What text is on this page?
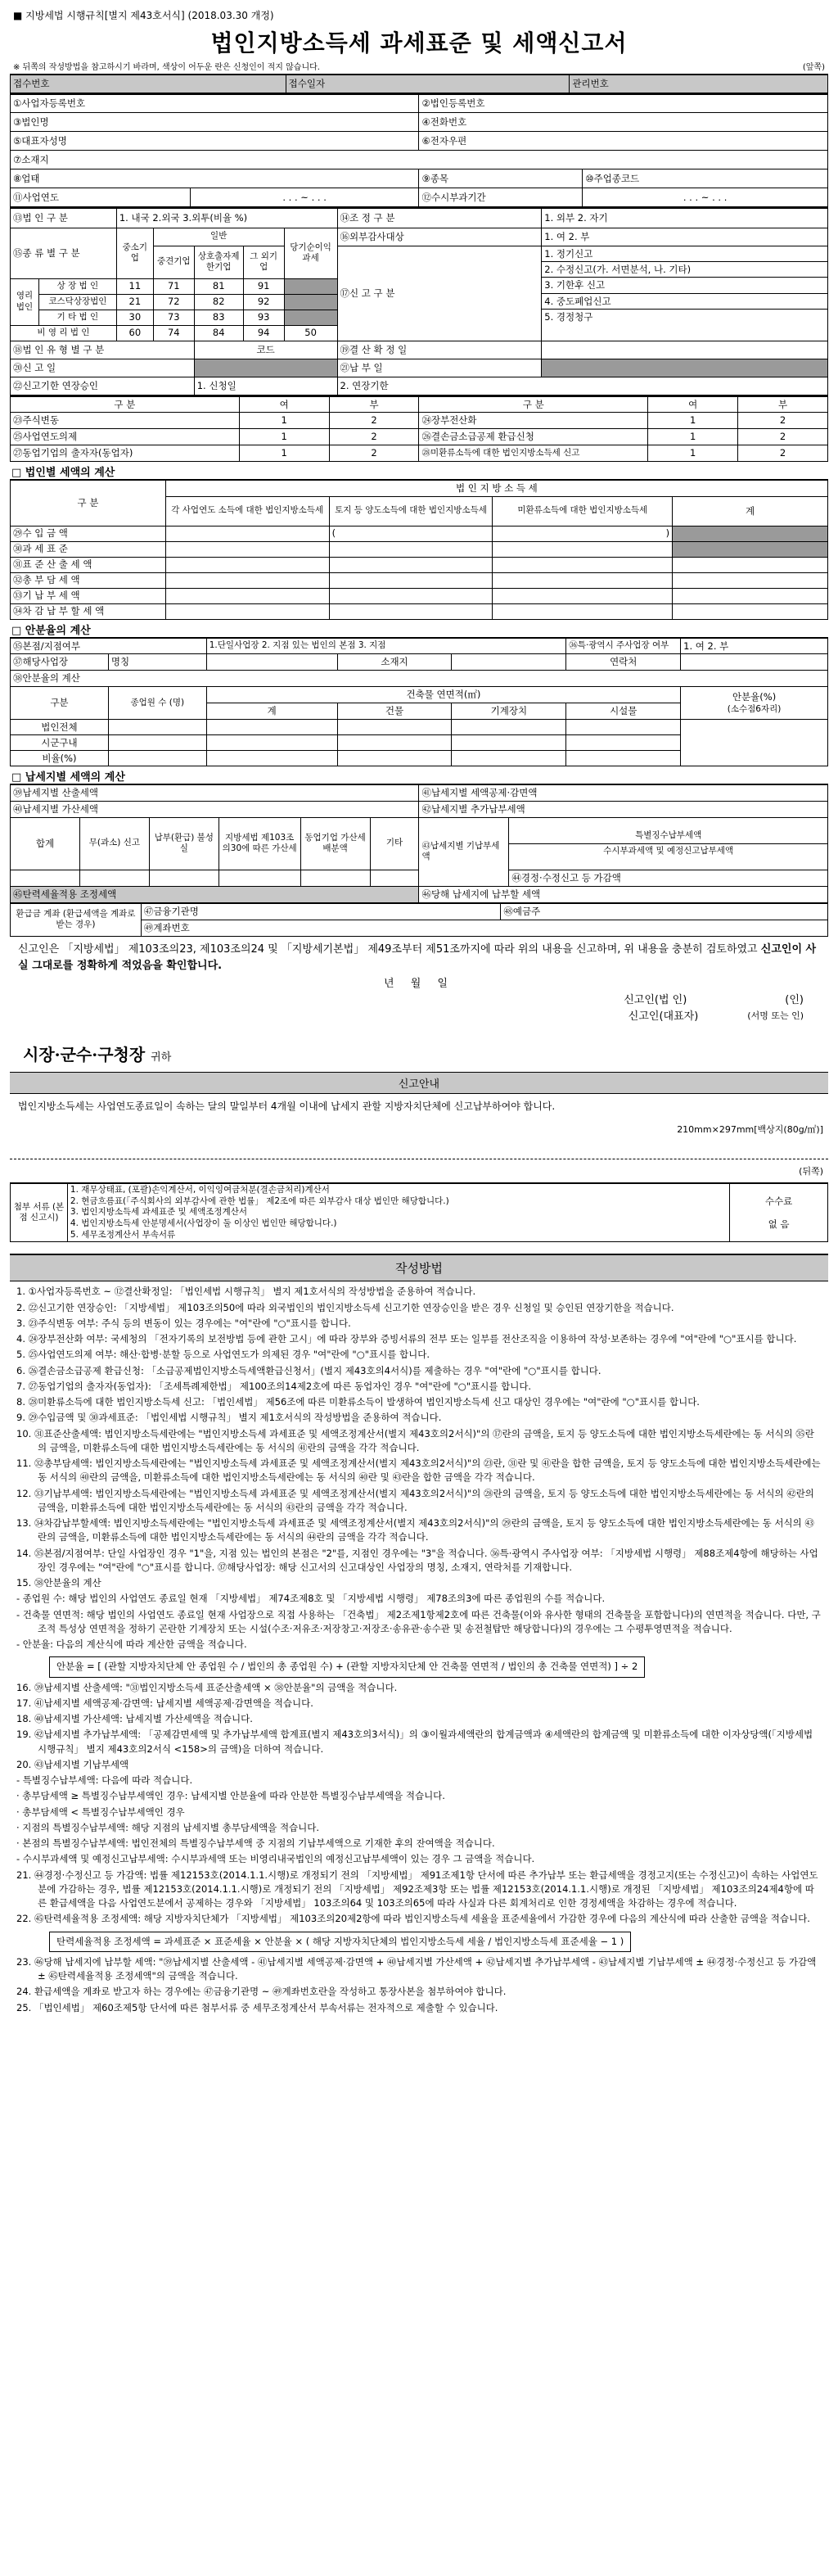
■ 지방세법 시행규칙[별지 제43호서식] (2018.03.30 개정)
법인지방소득세 과세표준 및 세액신고서
※ 뒤쪽의 작성방법을 참고하시기 바라며, 색상이 어두운 란은 신청인이 적지 않습니다.	(앞쪽)
접수번호	접수일자	관리번호
①사업자등록번호		②법인등록번호	
③법인명		④전화번호	
⑤대표자성명		⑥전자우편	
⑦소재지			
⑧업태		⑨종목	⑩주업종코드
⑪사업연도	. . . ~ . . .	⑫수시부과기간	. . . ~ . . .
⑬법 인 구 분		1. 내국 2.외국 3.외투(비율 %)					⑭조 정 구 분	1. 외부 2. 자기
⑮종 류 별 구 분		중소기업	일반			당기순이익과세	⑯외부감사대상	1. 여 2. 부
			중견기업	상호출자제한기업	그 외기업		⑰신 고 구 분	1. 정기신고
2. 수정신고(가. 서면분석, 나. 기타)
3. 기한후 신고
4. 중도폐업신고
5. 경정청구

영리법인	상 장 법 인	11	71	81	91			
	코스닥상장법인	21	72	82	92			
	기 타 법 인	30	73	83	93			
비 영 리 법 인		60	74	84	94	50		
⑱법 인 유 형 별 구 분				코드			⑲결 산 확 정 일	
⑳신 고 일							㉑납 부 일	
㉒신고기한 연장승인				1. 신청일			2. 연장기한	
구 분	여	부	구 분	여	부
㉓주식변동	1	2	㉔장부전산화	1	2
㉕사업연도의제	1	2	㉖결손금소급공제 환급신청	1	2
㉗동업기업의 출자자(동업자)	1	2	㉘미환류소득에 대한 법인지방소득세 신고	1	2
□ 법인별 세액의 계산
구 분	법 인 지 방 소 득 세			
	각 사업연도 소득에 대한 법인지방소득세	토지 등 양도소득에 대한 법인지방소득세	미환류소득에 대한 법인지방소득세	계
㉙수 입 금 액		(	)	
㉚과 세 표 준				
㉛표 준 산 출 세 액				
㉜총 부 담 세 액				
㉝기 납 부 세 액				
㉞차 감 납 부 할 세 액				
□ 안분율의 계산
㉟본점/지점여부		1.단일사업장 2. 지점 있는 법인의 본점 3. 지점			㊱특·광역시 주사업장 여부	1. 여 2. 부
㊲해당사업장	명칭		소재지		연락처	
㊳안분율의 계산						
구분	종업원 수 (명)	건축물 연면적(㎡)				안분율(%)
(소수점6자리)
		계	건물	기계장치	시설물	
법인전체						
시군구내						
비율(%)						
□ 납세지별 세액의 계산
㊴납세지별 산출세액						㊶납세지별 세액공제·감면액	
㊵납세지별 가산세액						㊷납세지별 추가납부세액	
합계	무(과소) 신고	납부(환급) 불성실	지방세법 제103조의30에 따른 가산세	동업기업 가산세 배분액	기타	㊸납세지별 기납부세액	특별징수납부세액
수시부과세액 및 예정신고납부세액

							㊹경정·수정신고 등 가감액
㊺탄력세율적용 조정세액						㊻당해 납세지에 납부할 세액	
환급금 계좌 (환급세액을 계좌로 받는 경우)	㊼금융기관명	㊽예금주
㊾계좌번호
신고인은 「지방세법」 제103조의23, 제103조의24 및 「지방세기본법」 제49조부터 제51조까지에 따라 위의 내용을 신고하며, 위 내용을 충분히 검토하였고 신고인이 사실 그대로를 정확하게 적었음을 확인합니다.
년 월 일
신고인(법 인)	(인)
신고인(대표자)	(서명 또는 인)
시장·군수·구청장 귀하
신고안내
법인지방소득세는 사업연도종료일이 속하는 달의 말일부터 4개월 이내에 납세지 관할 지방자치단체에 신고납부하여야 합니다.
210mm×297mm[백상지(80g/㎡)]
(뒤쪽)
첨부 서류 (본점 신고시)	
1. 재무상태표, (포괄)손익계산서, 이익잉여금처분(결손금처리)계산서
2. 현금흐름표(「주식회사의 외부감사에 관한 법률」 제2조에 따른 외부감사 대상 법인만 해당합니다.)
3. 법인지방소득세 과세표준 및 세액조정계산서
4. 법인지방소득세 안분명세서(사업장이 둘 이상인 법인만 해당합니다.)
5. 세무조정계산서 부속서류
	수수료

없 음
작성방법
1. ①사업자등록번호 ~ ⑫결산확정일: 「법인세법 시행규칙」 별지 제1호서식의 작성방법을 준용하여 적습니다.
2. ㉒신고기한 연장승인: 「지방세법」 제103조의50에 따라 외국법인의 법인지방소득세 신고기한 연장승인을 받은 경우 신청일 및 승인된 연장기한을 적습니다.
3. ㉓주식변동 여부: 주식 등의 변동이 있는 경우에는 "여"란에 "○"표시를 합니다.
4. ㉔장부전산화 여부: 국세청의 「전자기록의 보전방법 등에 관한 고시」에 따라 장부와 증빙서류의 전부 또는 일부를 전산조직을 이용하여 작성·보존하는 경우에 "여"란에 "○"표시를 합니다.
5. ㉕사업연도의제 여부: 해산·합병·분할 등으로 사업연도가 의제된 경우 "여"란에 "○"표시를 합니다.
6. ㉖결손금소급공제 환급신청: 「소급공제법인지방소득세액환급신청서」(별지 제43호의4서식)를 제출하는 경우 "여"란에 "○"표시를 합니다.
7. ㉗동업기업의 출자자(동업자): 「조세특례제한법」 제100조의14제2호에 따른 동업자인 경우 "여"란에 "○"표시를 합니다.
8. ㉘미환류소득에 대한 법인지방소득세 신고: 「법인세법」 제56조에 따른 미환류소득이 발생하여 법인지방소득세 신고 대상인 경우에는 "여"란에 "○"표시를 합니다.
9. ㉙수입금액 및 ㉚과세표준: 「법인세법 시행규칙」 별지 제1호서식의 작성방법을 준용하여 적습니다.
10. ㉛표준산출세액: 법인지방소득세란에는 "법인지방소득세 과세표준 및 세액조정계산서(별지 제43호의2서식)"의 ⑰란의 금액을, 토지 등 양도소득에 대한 법인지방소득세란에는 동 서식의 ㉟란의 금액을, 미환류소득에 대한 법인지방소득세란에는 동 서식의 ㊶란의 금액을 각각 적습니다.
11. ㉜총부담세액: 법인지방소득세란에는 "법인지방소득세 과세표준 및 세액조정계산서(별지 제43호의2서식)"의 ㉓란, ㉛란 및 ㊶란을 합한 금액을, 토지 등 양도소득에 대한 법인지방소득세란에는 동 서식의 ㊵란의 금액을, 미환류소득에 대한 법인지방소득세란에는 동 서식의 ㊵란 및 ㊸란을 합한 금액을 각각 적습니다.
12. ㉝기납부세액: 법인지방소득세란에는 "법인지방소득세 과세표준 및 세액조정계산서(별지 제43호의2서식)"의 ㉘란의 금액을, 토지 등 양도소득에 대한 법인지방소득세란에는 동 서식의 ㊷란의 금액을, 미환류소득에 대한 법인지방소득세란에는 동 서식의 ㊸란의 금액을 각각 적습니다.
13. ㉞차감납부할세액: 법인지방소득세란에는 "법인지방소득세 과세표준 및 세액조정계산서(별지 제43호의2서식)"의 ㉙란의 금액을, 토지 등 양도소득에 대한 법인지방소득세란에는 동 서식의 ㊸란의 금액을, 미환류소득에 대한 법인지방소득세란에는 동 서식의 ㊹란의 금액을 각각 적습니다.
14. ㉟본점/지점여부: 단일 사업장인 경우 "1"을, 지점 있는 법인의 본점은 "2"를, 지점인 경우에는 "3"을 적습니다. ㊱특·광역시 주사업장 여부: 「지방세법 시행령」 제88조제4항에 해당하는 사업장인 경우에는 "여"란에 "○"표시를 합니다. ㊲해당사업장: 해당 신고서의 신고대상인 사업장의 명칭, 소재지, 연락처를 기재합니다.
15. ㊳안분율의 계산
- 종업원 수: 해당 법인의 사업연도 종료일 현재 「지방세법」 제74조제8호 및 「지방세법 시행령」 제78조의3에 따른 종업원의 수를 적습니다.
- 건축물 연면적: 해당 법인의 사업연도 종료일 현재 사업장으로 직접 사용하는 「건축법」 제2조제1항제2호에 따른 건축물(이와 유사한 형태의 건축물을 포함합니다)의 연면적을 적습니다. 다만, 구조적 특성상 연면적을 정하기 곤란한 기계장치 또는 시설(수조·저유조·저장창고·저장조·송유관·송수관 및 송전철탑만 해당합니다)의 경우에는 그 수평투영면적을 적습니다.
- 안분율: 다음의 계산식에 따라 계산한 금액을 적습니다.
안분율 = [ (관할 지방자치단체 안 종업원 수 / 법인의 총 종업원 수) + (관할 지방자치단체 안 건축물 연면적 / 법인의 총 건축물 연면적) ] ÷ 2
16. ㊴납세지별 산출세액: "㉛법인지방소득세 표준산출세액 × ㊳안분율"의 금액을 적습니다.
17. ㊶납세지별 세액공제·감면액: 납세지별 세액공제·감면액을 적습니다.
18. ㊵납세지별 가산세액: 납세지별 가산세액을 적습니다.
19. ㊷납세지별 추가납부세액: 「공제감면세액 및 추가납부세액 합계표(별지 제43호의3서식)」의 ③이월과세액란의 합계금액과 ④세액란의 합계금액 및 미환류소득에 대한 이자상당액(「지방세법 시행규칙」 별지 제43호의2서식 <158>의 금액)을 더하여 적습니다.
20. ㊸납세지별 기납부세액
- 특별징수납부세액: 다음에 따라 적습니다.
· 총부담세액 ≥ 특별징수납부세액인 경우: 납세지별 안분율에 따라 안분한 특별징수납부세액을 적습니다.
· 총부담세액 < 특별징수납부세액인 경우
· 지점의 특별징수납부세액: 해당 지점의 납세지별 총부담세액을 적습니다.
· 본점의 특별징수납부세액: 법인전체의 특별징수납부세액 중 지점의 기납부세액으로 기재한 후의 잔여액을 적습니다.
- 수시부과세액 및 예정신고납부세액: 수시부과세액 또는 비영리내국법인의 예정신고납부세액이 있는 경우 그 금액을 적습니다.
21. ㊹경정·수정신고 등 가감액: 법률 제12153호(2014.1.1.시행)로 개정되기 전의 「지방세법」 제91조제1항 단서에 따른 추가납부 또는 환급세액을 경정고지(또는 수정신고)이 속하는 사업연도분에 가감하는 경우, 법률 제12153호(2014.1.1.시행)로 개정되기 전의 「지방세법」 제92조제3항 또는 법률 제12153호(2014.1.1.시행)로 개정된 「지방세법」 제103조의24제4항에 따른 환급세액을 다음 사업연도분에서 공제하는 경우와 「지방세법」 103조의64 및 103조의65에 따라 사실과 다른 회계처리로 인한 경정세액을 차감하는 경우에 적습니다.
22. ㊺탄력세율적용 조정세액: 해당 지방자치단체가 「지방세법」 제103조의20제2항에 따라 법인지방소득세 세율을 표준세율에서 가감한 경우에 다음의 계산식에 따라 산출한 금액을 적습니다.
탄력세율적용 조정세액 = 과세표준 × 표준세율 × 안분율 × ( 해당 지방자치단체의 법인지방소득세 세율 / 법인지방소득세 표준세율 − 1 )
23. ㊻당해 납세지에 납부할 세액: "㊴납세지별 산출세액 - ㊶납세지별 세액공제·감면액 + ㊵납세지별 가산세액 + ㊷납세지별 추가납부세액 - ㊸납세지별 기납부세액 ± ㊹경정·수정신고 등 가감액 ± ㊺탄력세율적용 조정세액"의 금액을 적습니다.
24. 환급세액을 계좌로 받고자 하는 경우에는 ㊼금융기관명 ~ ㊾계좌번호란을 작성하고 통장사본을 첨부하여야 합니다.
25. 「법인세법」 제60조제5항 단서에 따른 첨부서류 중 세무조정계산서 부속서류는 전자적으로 제출할 수 있습니다.
